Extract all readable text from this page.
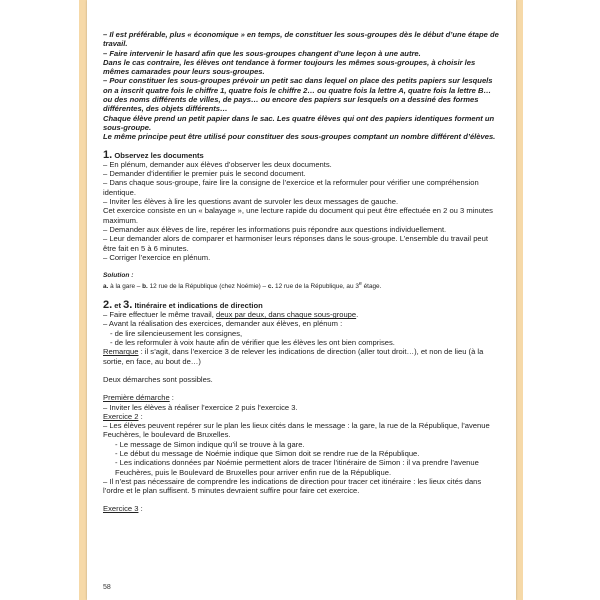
– Il est préférable, plus « économique » en temps, de constituer les sous-groupes dès le début d’une étape de travail.

– Faire intervenir le hasard afin que les sous-groupes changent d’une leçon à une autre.

Dans le cas contraire, les élèves ont tendance à former toujours les mêmes sous-groupes, à choisir les mêmes camarades pour leurs sous-groupes.

– Pour constituer les sous-groupes prévoir un petit sac dans lequel on place des petits papiers sur lesquels on a inscrit quatre fois le chiffre 1, quatre fois le chiffre 2… ou quatre fois la lettre A, quatre fois la lettre B… ou des noms différents de villes, de pays… ou encore des papiers sur lesquels on a dessiné des formes différentes, des objets différents…

Chaque élève prend un petit papier dans le sac. Les quatre élèves qui ont des papiers identiques forment un sous-groupe.

Le même principe peut être utilisé pour constituer des sous-groupes comptant un nombre différent d’élèves.

1. Observez les documents

– En plénum, demander aux élèves d’observer les deux documents.

– Demander d’identifier le premier puis le second document.

– Dans chaque sous-groupe, faire lire la consigne de l’exercice et la reformuler pour vérifier une compréhension identique.

– Inviter les élèves à lire les questions avant de survoler les deux messages de gauche.

Cet exercice consiste en un « balayage », une lecture rapide du document qui peut être effectuée en 2 ou 3 minutes maximum.

– Demander aux élèves de lire, repérer les informations puis répondre aux questions individuellement.

– Leur demander alors de comparer et harmoniser leurs réponses dans le sous-groupe. L’ensemble du travail peut être fait en 5 à 6 minutes.

– Corriger l’exercice en plénum.

Solution :

a. à la gare – b. 12 rue de la République (chez Noémie) – c. 12 rue de la République, au 3e étage.

2. et 3. Itinéraire et indications de direction

– Faire effectuer le même travail, deux par deux, dans chaque sous-groupe.

– Avant la réalisation des exercices, demander aux élèves, en plénum :

- de lire silencieusement les consignes,

- de les reformuler à voix haute afin de vérifier que les élèves les ont bien comprises.

Remarque : il s’agit, dans l’exercice 3 de relever les indications de direction (aller tout droit…), et non de lieu (à la sortie, en face, au bout de…)

Deux démarches sont possibles.

Première démarche :

– Inviter les élèves à réaliser l’exercice 2 puis l’exercice 3.

Exercice 2 :

– Les élèves peuvent repérer sur le plan les lieux cités dans le message : la gare, la rue de la République, l’avenue Feuchères, le boulevard de Bruxelles.

- Le message de Simon indique qu’il se trouve à la gare.

- Le début du message de Noémie indique que Simon doit se rendre rue de la République.

- Les indications données par Noémie permettent alors de tracer l’itinéraire de Simon : il va prendre l’avenue Feuchères, puis le Boulevard de Bruxelles pour arriver enfin rue de la République.

– Il n’est pas nécessaire de comprendre les indications de direction pour tracer cet itinéraire : les lieux cités dans l’ordre et le plan suffisent. 5 minutes devraient suffire pour faire cet exercice.

Exercice 3 :

58
